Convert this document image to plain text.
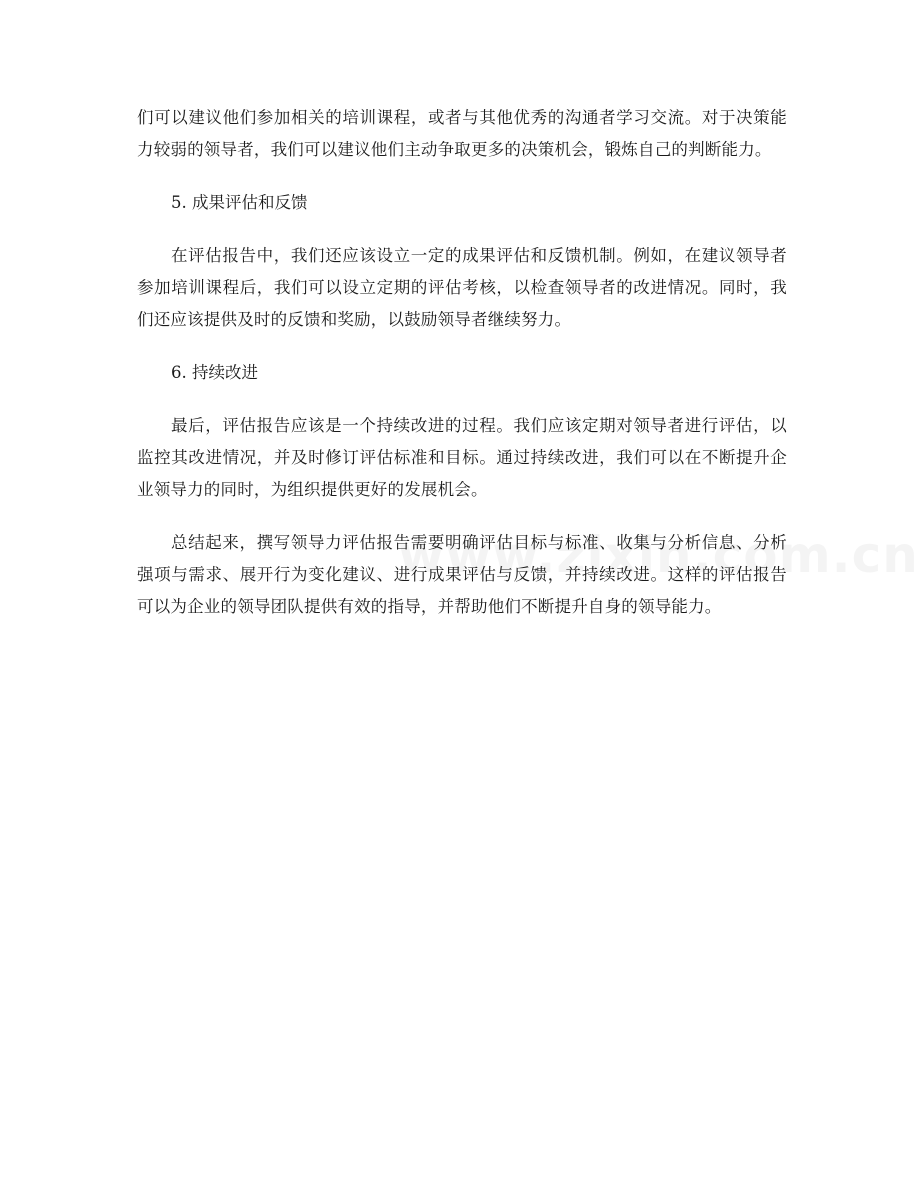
们可以建议他们参加相关的培训课程，或者与其他优秀的沟通者学习交流。对于决策能力较弱的领导者，我们可以建议他们主动争取更多的决策机会，锻炼自己的判断能力。

5. 成果评估和反馈

在评估报告中，我们还应该设立一定的成果评估和反馈机制。例如，在建议领导者参加培训课程后，我们可以设立定期的评估考核，以检查领导者的改进情况。同时，我们还应该提供及时的反馈和奖励，以鼓励领导者继续努力。

6. 持续改进

最后，评估报告应该是一个持续改进的过程。我们应该定期对领导者进行评估，以监控其改进情况，并及时修订评估标准和目标。通过持续改进，我们可以在不断提升企业领导力的同时，为组织提供更好的发展机会。

总结起来，撰写领导力评估报告需要明确评估目标与标准、收集与分析信息、分析强项与需求、展开行为变化建议、进行成果评估与反馈，并持续改进。这样的评估报告可以为企业的领导团队提供有效的指导，并帮助他们不断提升自身的领导能力。
